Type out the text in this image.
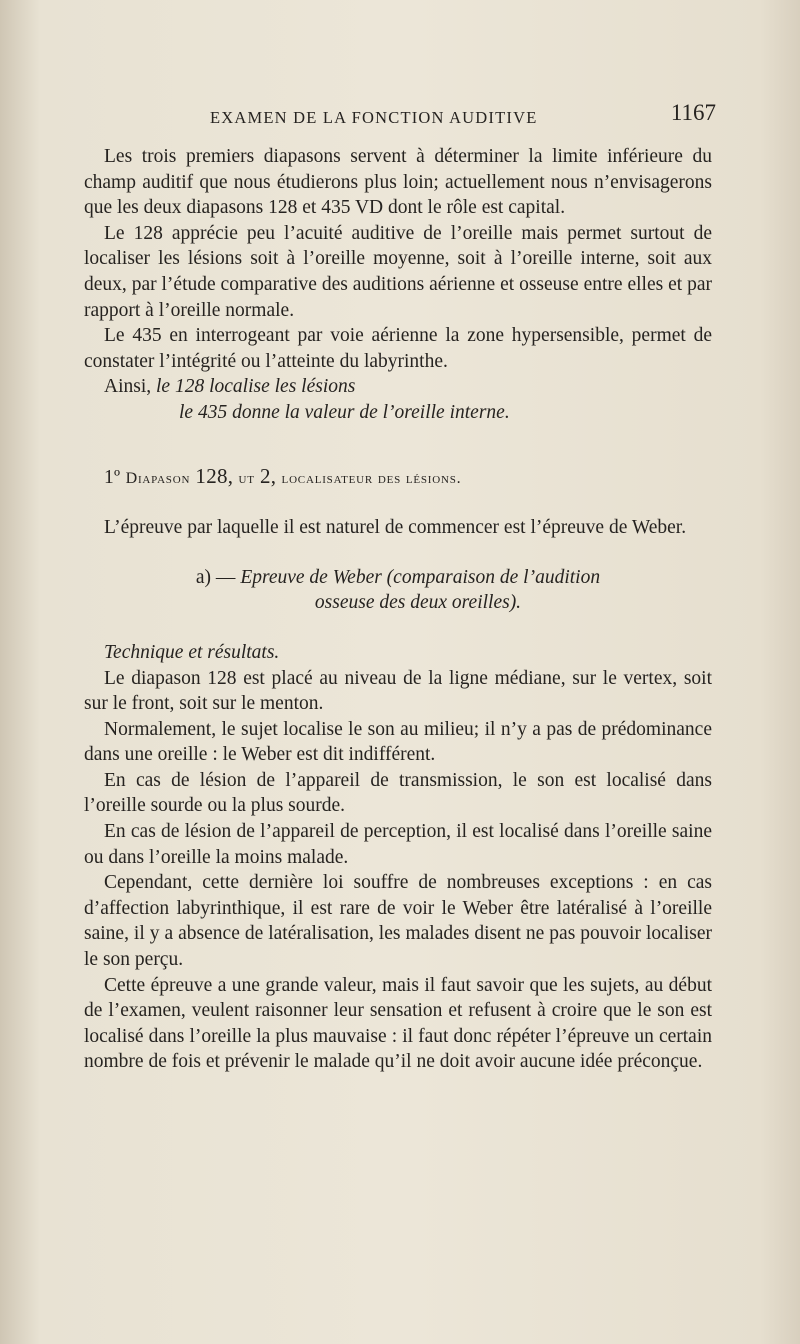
EXAMEN DE LA FONCTION AUDITIVE	1167

Les trois premiers diapasons servent à déterminer la limite inférieure du champ auditif que nous étudierons plus loin; actuellement nous n’envisagerons que les deux diapasons 128 et 435 VD dont le rôle est capital.

Le 128 apprécie peu l’acuité auditive de l’oreille mais permet surtout de localiser les lésions soit à l’oreille moyenne, soit à l’oreille interne, soit aux deux, par l’étude comparative des auditions aérienne et osseuse entre elles et par rapport à l’oreille normale.

Le 435 en interrogeant par voie aérienne la zone hypersensible, permet de constater l’intégrité ou l’atteinte du labyrinthe.

Ainsi, le 128 localise les lésions
le 435 donne la valeur de l’oreille interne.
1º Diapason 128, ut 2, localisateur des lésions.

L’épreuve par laquelle il est naturel de commencer est l’épreuve de Weber.

a) — Epreuve de Weber (comparaison de l’audition
osseuse des deux oreilles).

Technique et résultats.

Le diapason 128 est placé au niveau de la ligne médiane, sur le vertex, soit sur le front, soit sur le menton.

Normalement, le sujet localise le son au milieu; il n’y a pas de prédominance dans une oreille : le Weber est dit indifférent.

En cas de lésion de l’appareil de transmission, le son est localisé dans l’oreille sourde ou la plus sourde.

En cas de lésion de l’appareil de perception, il est localisé dans l’oreille saine ou dans l’oreille la moins malade.

Cependant, cette dernière loi souffre de nombreuses exceptions : en cas d’affection labyrinthique, il est rare de voir le Weber être latéralisé à l’oreille saine, il y a absence de latéralisation, les malades disent ne pas pouvoir localiser le son perçu.

Cette épreuve a une grande valeur, mais il faut savoir que les sujets, au début de l’examen, veulent raisonner leur sensation et refusent à croire que le son est localisé dans l’oreille la plus mauvaise : il faut donc répéter l’épreuve un certain nombre de fois et prévenir le malade qu’il ne doit avoir aucune idée préconçue.
